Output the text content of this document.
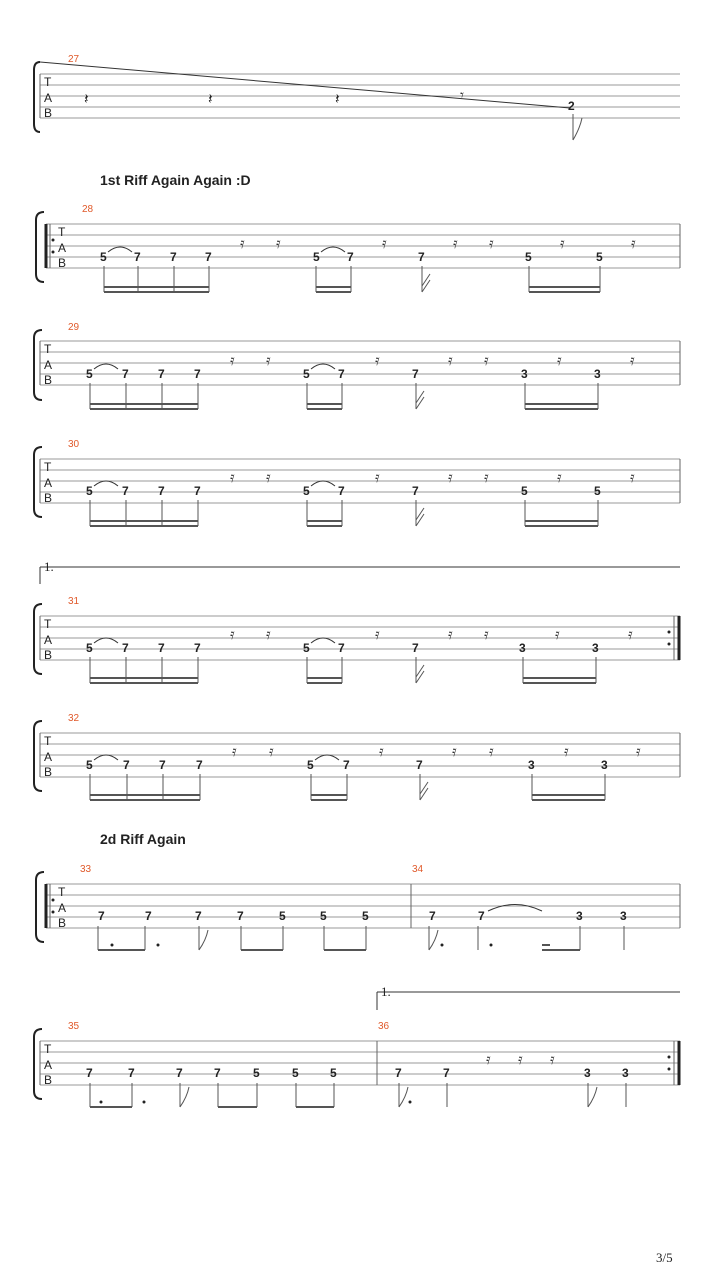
T
A
B
27
𝄽	𝄽	𝄽	𝄾
2
1st Riff Again Again :D
T
A
B
28
5 7 7 7	5 7	7	5	5
𝄿 𝄿	𝄿	𝄿 𝄿	𝄿	𝄿
T
A
B
29
5 7 7 7	5 7	7	3	3
𝄿 𝄿	𝄿	𝄿 𝄿	𝄿	𝄿
T
A
B
30
5 7 7 7	5 7	7	5	5
𝄿 𝄿	𝄿	𝄿 𝄿	𝄿	𝄿
1.
T
A
B
31
5 7 7 7	5 7	7	3	3
𝄿 𝄿	𝄿	𝄿 𝄿	𝄿	𝄿
T
A
B
32
5	7 7	7	5 7	7	3	3
𝄿 𝄿	𝄿	𝄿 𝄿	𝄿	𝄿
2d Riff Again
T
A
B
33	34
7	7	7	7	5	5	5	7	7	3	3
1.
T
A
B
35	36
7	7	7	7	5	5	5	7	7	3	3
𝄿 𝄿 𝄿
3/5
